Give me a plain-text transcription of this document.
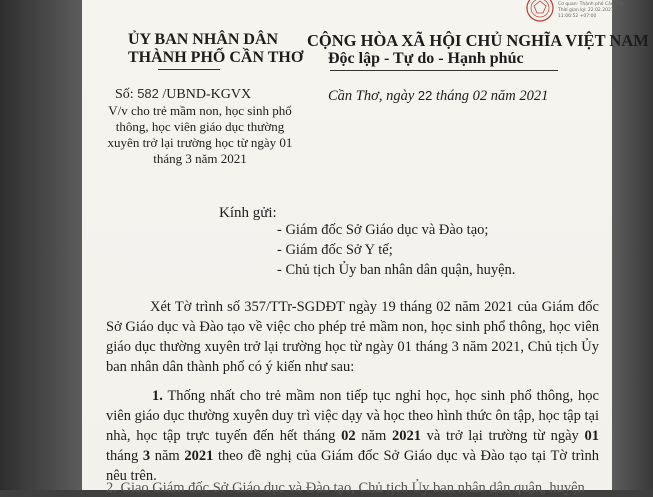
Cơ quan: Thành phố Cần Thơ
Thời gian ký: 22.02.2021
11:06:52 +07:00
ỦY BAN NHÂN DÂN
THÀNH PHỐ CẦN THƠ
CỘNG HÒA XÃ HỘI CHỦ NGHĨA VIỆT NAM
Độc lập - Tự do - Hạnh phúc
Số: 582 /UBND-KGVX
V/v cho trẻ mầm non, học sinh phổ thông, học viên giáo dục thường xuyên trở lại trường học từ ngày 01 tháng 3 năm 2021
Cần Thơ, ngày 22 tháng 02 năm 2021
Kính gửi:
- Giám đốc Sở Giáo dục và Đào tạo;
- Giám đốc Sở Y tế;
- Chủ tịch Ủy ban nhân dân quận, huyện.
Xét Tờ trình số 357/TTr-SGDĐT ngày 19 tháng 02 năm 2021 của Giám đốc Sở Giáo dục và Đào tạo về việc cho phép trẻ mầm non, học sinh phổ thông, học viên giáo dục thường xuyên trở lại trường học từ ngày 01 tháng 3 năm 2021, Chủ tịch Ủy ban nhân dân thành phố có ý kiến như sau:
1. Thống nhất cho trẻ mầm non tiếp tục nghỉ học, học sinh phổ thông, học viên giáo dục thường xuyên duy trì việc dạy và học theo hình thức ôn tập, học tập tại nhà, học tập trực tuyến đến hết tháng 02 năm 2021 và trở lại trường từ ngày 01 tháng 3 năm 2021 theo đề nghị của Giám đốc Sở Giáo dục và Đào tạo tại Tờ trình nêu trên.
2. Giao Giám đốc Sở Giáo dục và Đào tạo, Chủ tịch Ủy ban nhân dân quận, huyện
